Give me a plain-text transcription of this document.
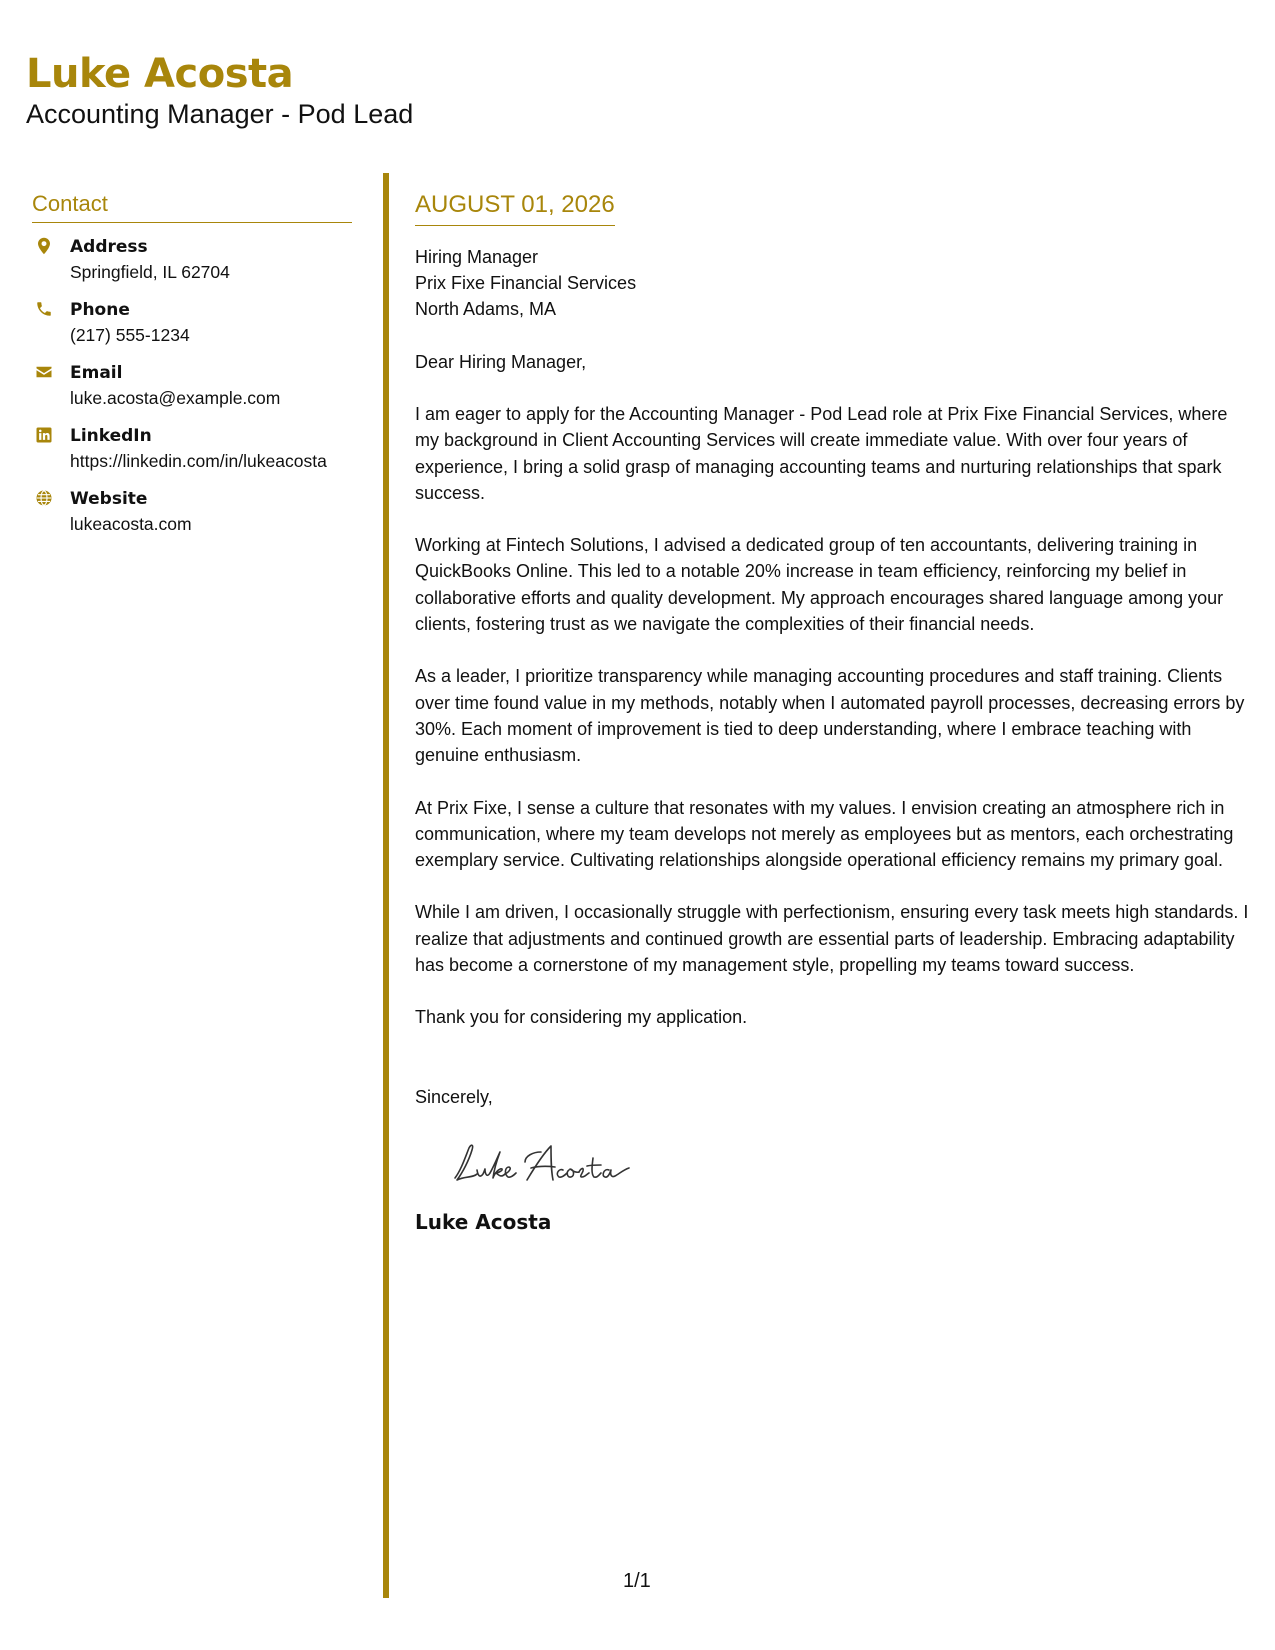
Luke Acosta
Accounting Manager - Pod Lead
Contact
Address
Springfield, IL 62704
Phone
(217) 555-1234
Email
luke.acosta@example.com
LinkedIn
https://linkedin.com/in/lukeacosta
Website
lukeacosta.com
AUGUST 01, 2026
Hiring Manager
Prix Fixe Financial Services
North Adams, MA
Dear Hiring Manager,
I am eager to apply for the Accounting Manager - Pod Lead role at Prix Fixe Financial Services, where my background in Client Accounting Services will create immediate value. With over four years of experience, I bring a solid grasp of managing accounting teams and nurturing relationships that spark success.
Working at Fintech Solutions, I advised a dedicated group of ten accountants, delivering training in QuickBooks Online. This led to a notable 20% increase in team efficiency, reinforcing my belief in collaborative efforts and quality development. My approach encourages shared language among your clients, fostering trust as we navigate the complexities of their financial needs.
As a leader, I prioritize transparency while managing accounting procedures and staff training. Clients over time found value in my methods, notably when I automated payroll processes, decreasing errors by 30%. Each moment of improvement is tied to deep understanding, where I embrace teaching with genuine enthusiasm.
At Prix Fixe, I sense a culture that resonates with my values. I envision creating an atmosphere rich in communication, where my team develops not merely as employees but as mentors, each orchestrating exemplary service. Cultivating relationships alongside operational efficiency remains my primary goal.
While I am driven, I occasionally struggle with perfectionism, ensuring every task meets high standards. I realize that adjustments and continued growth are essential parts of leadership. Embracing adaptability has become a cornerstone of my management style, propelling my teams toward success.
Thank you for considering my application.
Sincerely,
Luke Acosta
1/1
